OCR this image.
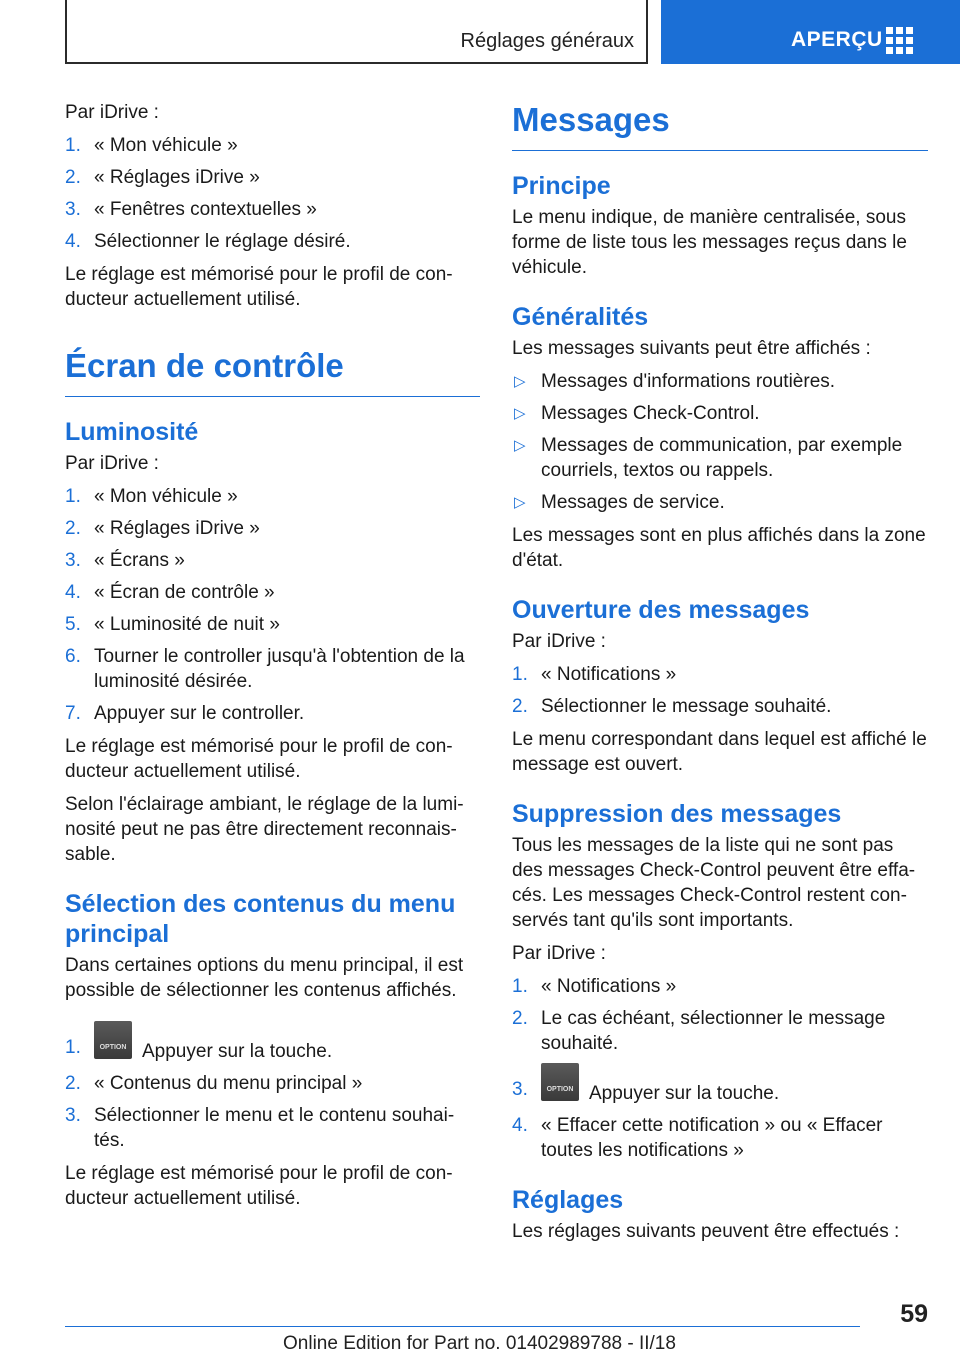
Réglages généraux	APERÇU

Par iDrive :

1. « Mon véhicule »
2. « Réglages iDrive »
3. « Fenêtres contextuelles »
4. Sélectionner le réglage désiré.

Le réglage est mémorisé pour le profil de con‐ducteur actuellement utilisé.

Écran de contrôle
Luminosité

Par iDrive :

1. « Mon véhicule »
2. « Réglages iDrive »
3. « Écrans »
4. « Écran de contrôle »
5. « Luminosité de nuit »
6. Tourner le controller jusqu'à l'obtention de la luminosité désirée.
7. Appuyer sur le controller.

Le réglage est mémorisé pour le profil de con‐ducteur actuellement utilisé.

Selon l'éclairage ambiant, le réglage de la lumi‐nosité peut ne pas être directement reconnais‐sable.

Sélection des contenus du menu principal

Dans certaines options du menu principal, il est possible de sélectionner les contenus affichés.

1.	OPTION Appuyer sur la touche.
2. « Contenus du menu principal »
3. Sélectionner le menu et le contenu souhai‐tés.

Le réglage est mémorisé pour le profil de con‐ducteur actuellement utilisé.

Messages
Principe

Le menu indique, de manière centralisée, sous forme de liste tous les messages reçus dans le véhicule.

Généralités

Les messages suivants peut être affichés :

▷ Messages d'informations routières.
▷ Messages Check-Control.
▷ Messages de communication, par exemple courriels, textos ou rappels.
▷ Messages de service.

Les messages sont en plus affichés dans la zone d'état.

Ouverture des messages

Par iDrive :

1. « Notifications »
2. Sélectionner le message souhaité.

Le menu correspondant dans lequel est affiché le message est ouvert.

Suppression des messages

Tous les messages de la liste qui ne sont pas des messages Check-Control peuvent être effa‐cés. Les messages Check-Control restent con‐servés tant qu'ils sont importants.

Par iDrive :

1. « Notifications »
2. Le cas échéant, sélectionner le message souhaité.
3.	OPTION Appuyer sur la touche.
4. « Effacer cette notification » ou « Effacer toutes les notifications »
Réglages

Les réglages suivants peuvent être effectués :

59
Online Edition for Part no. 01402989788 - II/18
